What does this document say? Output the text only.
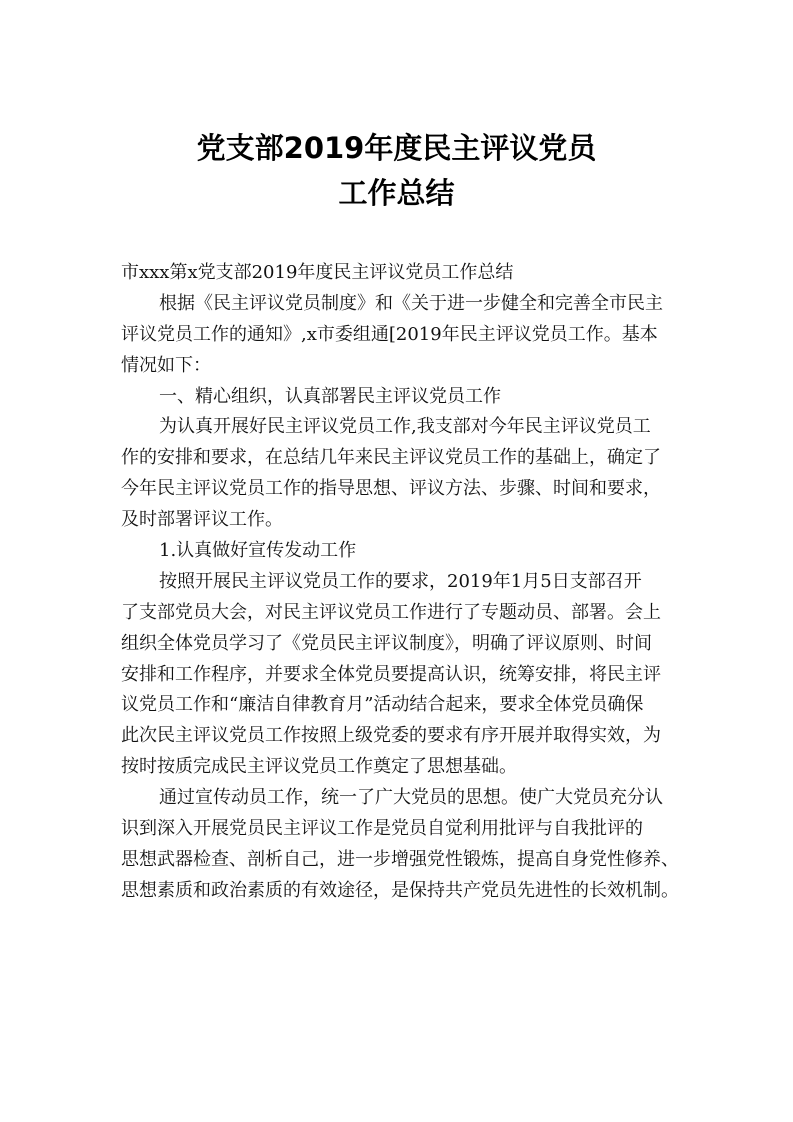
党支部2019年度民主评议党员
工作总结
市xxx第x党支部2019年度民主评议党员工作总结
根据《民主评议党员制度》和《关于进一步健全和完善全市民主
评议党员工作的通知》,x市委组通[2019年民主评议党员工作。基本
情况如下：
一、精心组织，认真部署民主评议党员工作
为认真开展好民主评议党员工作,我支部对今年民主评议党员工
作的安排和要求，在总结几年来民主评议党员工作的基础上，确定了
今年民主评议党员工作的指导思想、评议方法、步骤、时间和要求，
及时部署评议工作。
1.认真做好宣传发动工作
按照开展民主评议党员工作的要求，2019年1月5日支部召开
了支部党员大会，对民主评议党员工作进行了专题动员、部署。会上
组织全体党员学习了《党员民主评议制度》，明确了评议原则、时间
安排和工作程序，并要求全体党员要提高认识，统筹安排，将民主评
议党员工作和“廉洁自律教育月”活动结合起来，要求全体党员确保
此次民主评议党员工作按照上级党委的要求有序开展并取得实效，为
按时按质完成民主评议党员工作奠定了思想基础。
通过宣传动员工作，统一了广大党员的思想。使广大党员充分认
识到深入开展党员民主评议工作是党员自觉利用批评与自我批评的
思想武器检查、剖析自己，进一步增强党性锻炼，提高自身党性修养、
思想素质和政治素质的有效途径，是保持共产党员先进性的长效机制。
